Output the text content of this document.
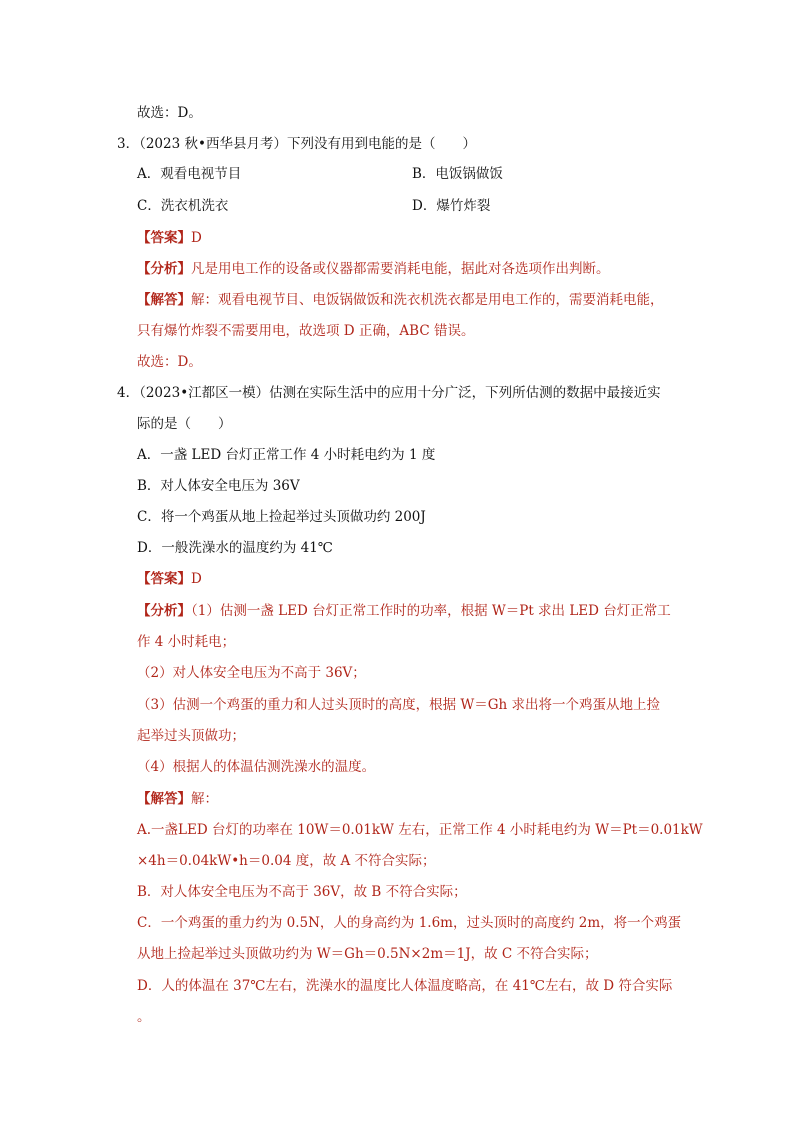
故选：D。
3．（2023 秋•西华县月考）下列没有用到电能的是（　　）
A．观看电视节目	B．电饭锅做饭
C．洗衣机洗衣	D．爆竹炸裂
【答案】D
【分析】凡是用电工作的设备或仪器都需要消耗电能，据此对各选项作出判断。
【解答】解：观看电视节目、电饭锅做饭和洗衣机洗衣都是用电工作的，需要消耗电能，
只有爆竹炸裂不需要用电，故选项 D 正确，ABC 错误。
故选：D。
4．（2023•江都区一模）估测在实际生活中的应用十分广泛，下列所估测的数据中最接近实
际的是（　　）
A．一盏 LED 台灯正常工作 4 小时耗电约为 1 度
B．对人体安全电压为 36V
C．将一个鸡蛋从地上捡起举过头顶做功约 200J
D．一般洗澡水的温度约为 41℃
【答案】D
【分析】（1）估测一盏 LED 台灯正常工作时的功率，根据 W＝Pt 求出 LED 台灯正常工
作 4 小时耗电；
（2）对人体安全电压为不高于 36V；
（3）估测一个鸡蛋的重力和人过头顶时的高度，根据 W＝Gh 求出将一个鸡蛋从地上捡
起举过头顶做功；
（4）根据人的体温估测洗澡水的温度。
【解答】解：
A.一盏LED 台灯的功率在 10W＝0.01kW 左右，正常工作 4 小时耗电约为 W＝Pt＝0.01kW
×4h＝0.04kW•h＝0.04 度，故 A 不符合实际；
B．对人体安全电压为不高于 36V，故 B 不符合实际；
C．一个鸡蛋的重力约为 0.5N，人的身高约为 1.6m，过头顶时的高度约 2m，将一个鸡蛋
从地上捡起举过头顶做功约为 W＝Gh＝0.5N×2m＝1J，故 C 不符合实际；
D．人的体温在 37℃左右，洗澡水的温度比人体温度略高，在 41℃左右，故 D 符合实际
。
